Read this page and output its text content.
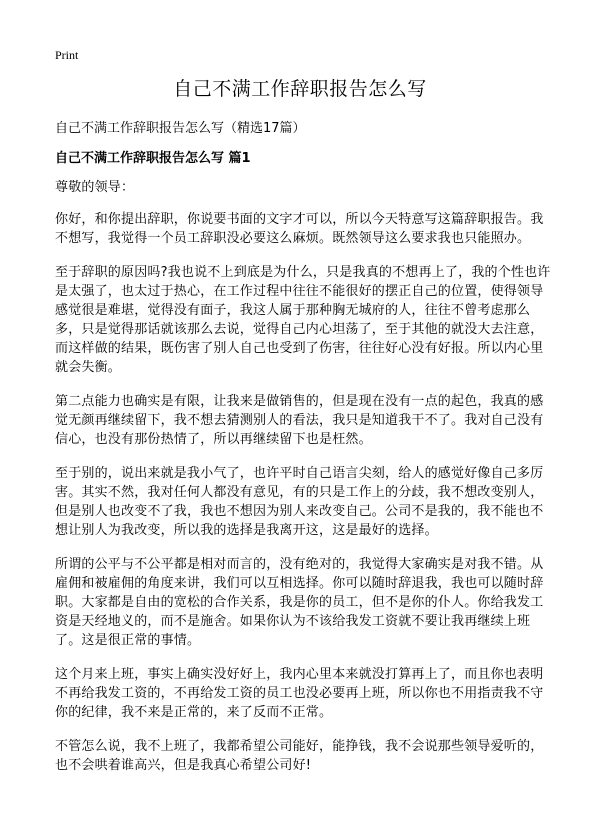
Print
自己不满工作辞职报告怎么写
自己不满工作辞职报告怎么写（精选17篇）
自己不满工作辞职报告怎么写 篇1

尊敬的领导：

你好，和你提出辞职，你说要书面的文字才可以，所以今天特意写这篇辞职报告。我不想写，我觉得一个员工辞职没必要这么麻烦。既然领导这么要求我也只能照办。

至于辞职的原因吗?我也说不上到底是为什么，只是我真的不想再上了，我的个性也许是太强了，也太过于热心，在工作过程中往往不能很好的摆正自己的位置，使得领导感觉很是难堪，觉得没有面子，我这人属于那种胸无城府的人，往往不曾考虑那么多，只是觉得那话就该那么去说，觉得自己内心坦荡了，至于其他的就没大去注意，而这样做的结果，既伤害了别人自己也受到了伤害，往往好心没有好报。所以内心里就会失衡。

第二点能力也确实是有限，让我来是做销售的，但是现在没有一点的起色，我真的感觉无颜再继续留下，我不想去猜测别人的看法，我只是知道我干不了。我对自己没有信心，也没有那份热情了，所以再继续留下也是枉然。

至于别的，说出来就是我小气了，也许平时自己语言尖刻，给人的感觉好像自己多厉害。其实不然，我对任何人都没有意见，有的只是工作上的分歧，我不想改变别人，但是别人也改变不了我，我也不想因为别人来改变自己。公司不是我的，我不能也不想让别人为我改变，所以我的选择是我离开这，这是最好的选择。

所谓的公平与不公平都是相对而言的，没有绝对的，我觉得大家确实是对我不错。从雇佣和被雇佣的角度来讲，我们可以互相选择。你可以随时辞退我，我也可以随时辞职。大家都是自由的宽松的合作关系，我是你的员工，但不是你的仆人。你给我发工资是天经地义的，而不是施舍。如果你认为不该给我发工资就不要让我再继续上班了。这是很正常的事情。

这个月来上班，事实上确实没好好上，我内心里本来就没打算再上了，而且你也表明不再给我发工资的，不再给发工资的员工也没必要再上班，所以你也不用指责我不守你的纪律，我不来是正常的，来了反而不正常。

不管怎么说，我不上班了，我都希望公司能好，能挣钱，我不会说那些领导爱听的，也不会哄着谁高兴，但是我真心希望公司好!
